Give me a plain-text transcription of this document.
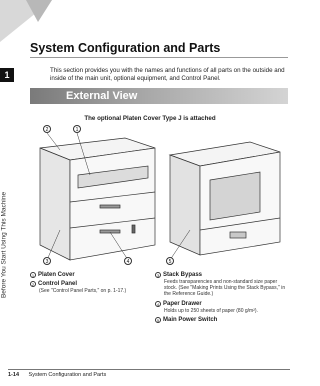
1
Before You Start Using This Machine
System Configuration and Parts

This section provides you with the names and functions of all parts on the outside and inside of the main unit, optional equipment, and Control Panel.

External View
The optional Platen Cover Type J is attached
2	1
3	4	5
1 Platen Cover
2 Control Panel
(See "Control Panel Parts," on p. 1-17.)
3 Stack Bypass
Feeds transparencies and non-standard size paper stock. (See "Making Prints Using the Stack Bypass," in the Reference Guide.)
4 Paper Drawer
Holds up to 250 sheets of paper (80 g/m²).
5 Main Power Switch
1-14 System Configuration and Parts
